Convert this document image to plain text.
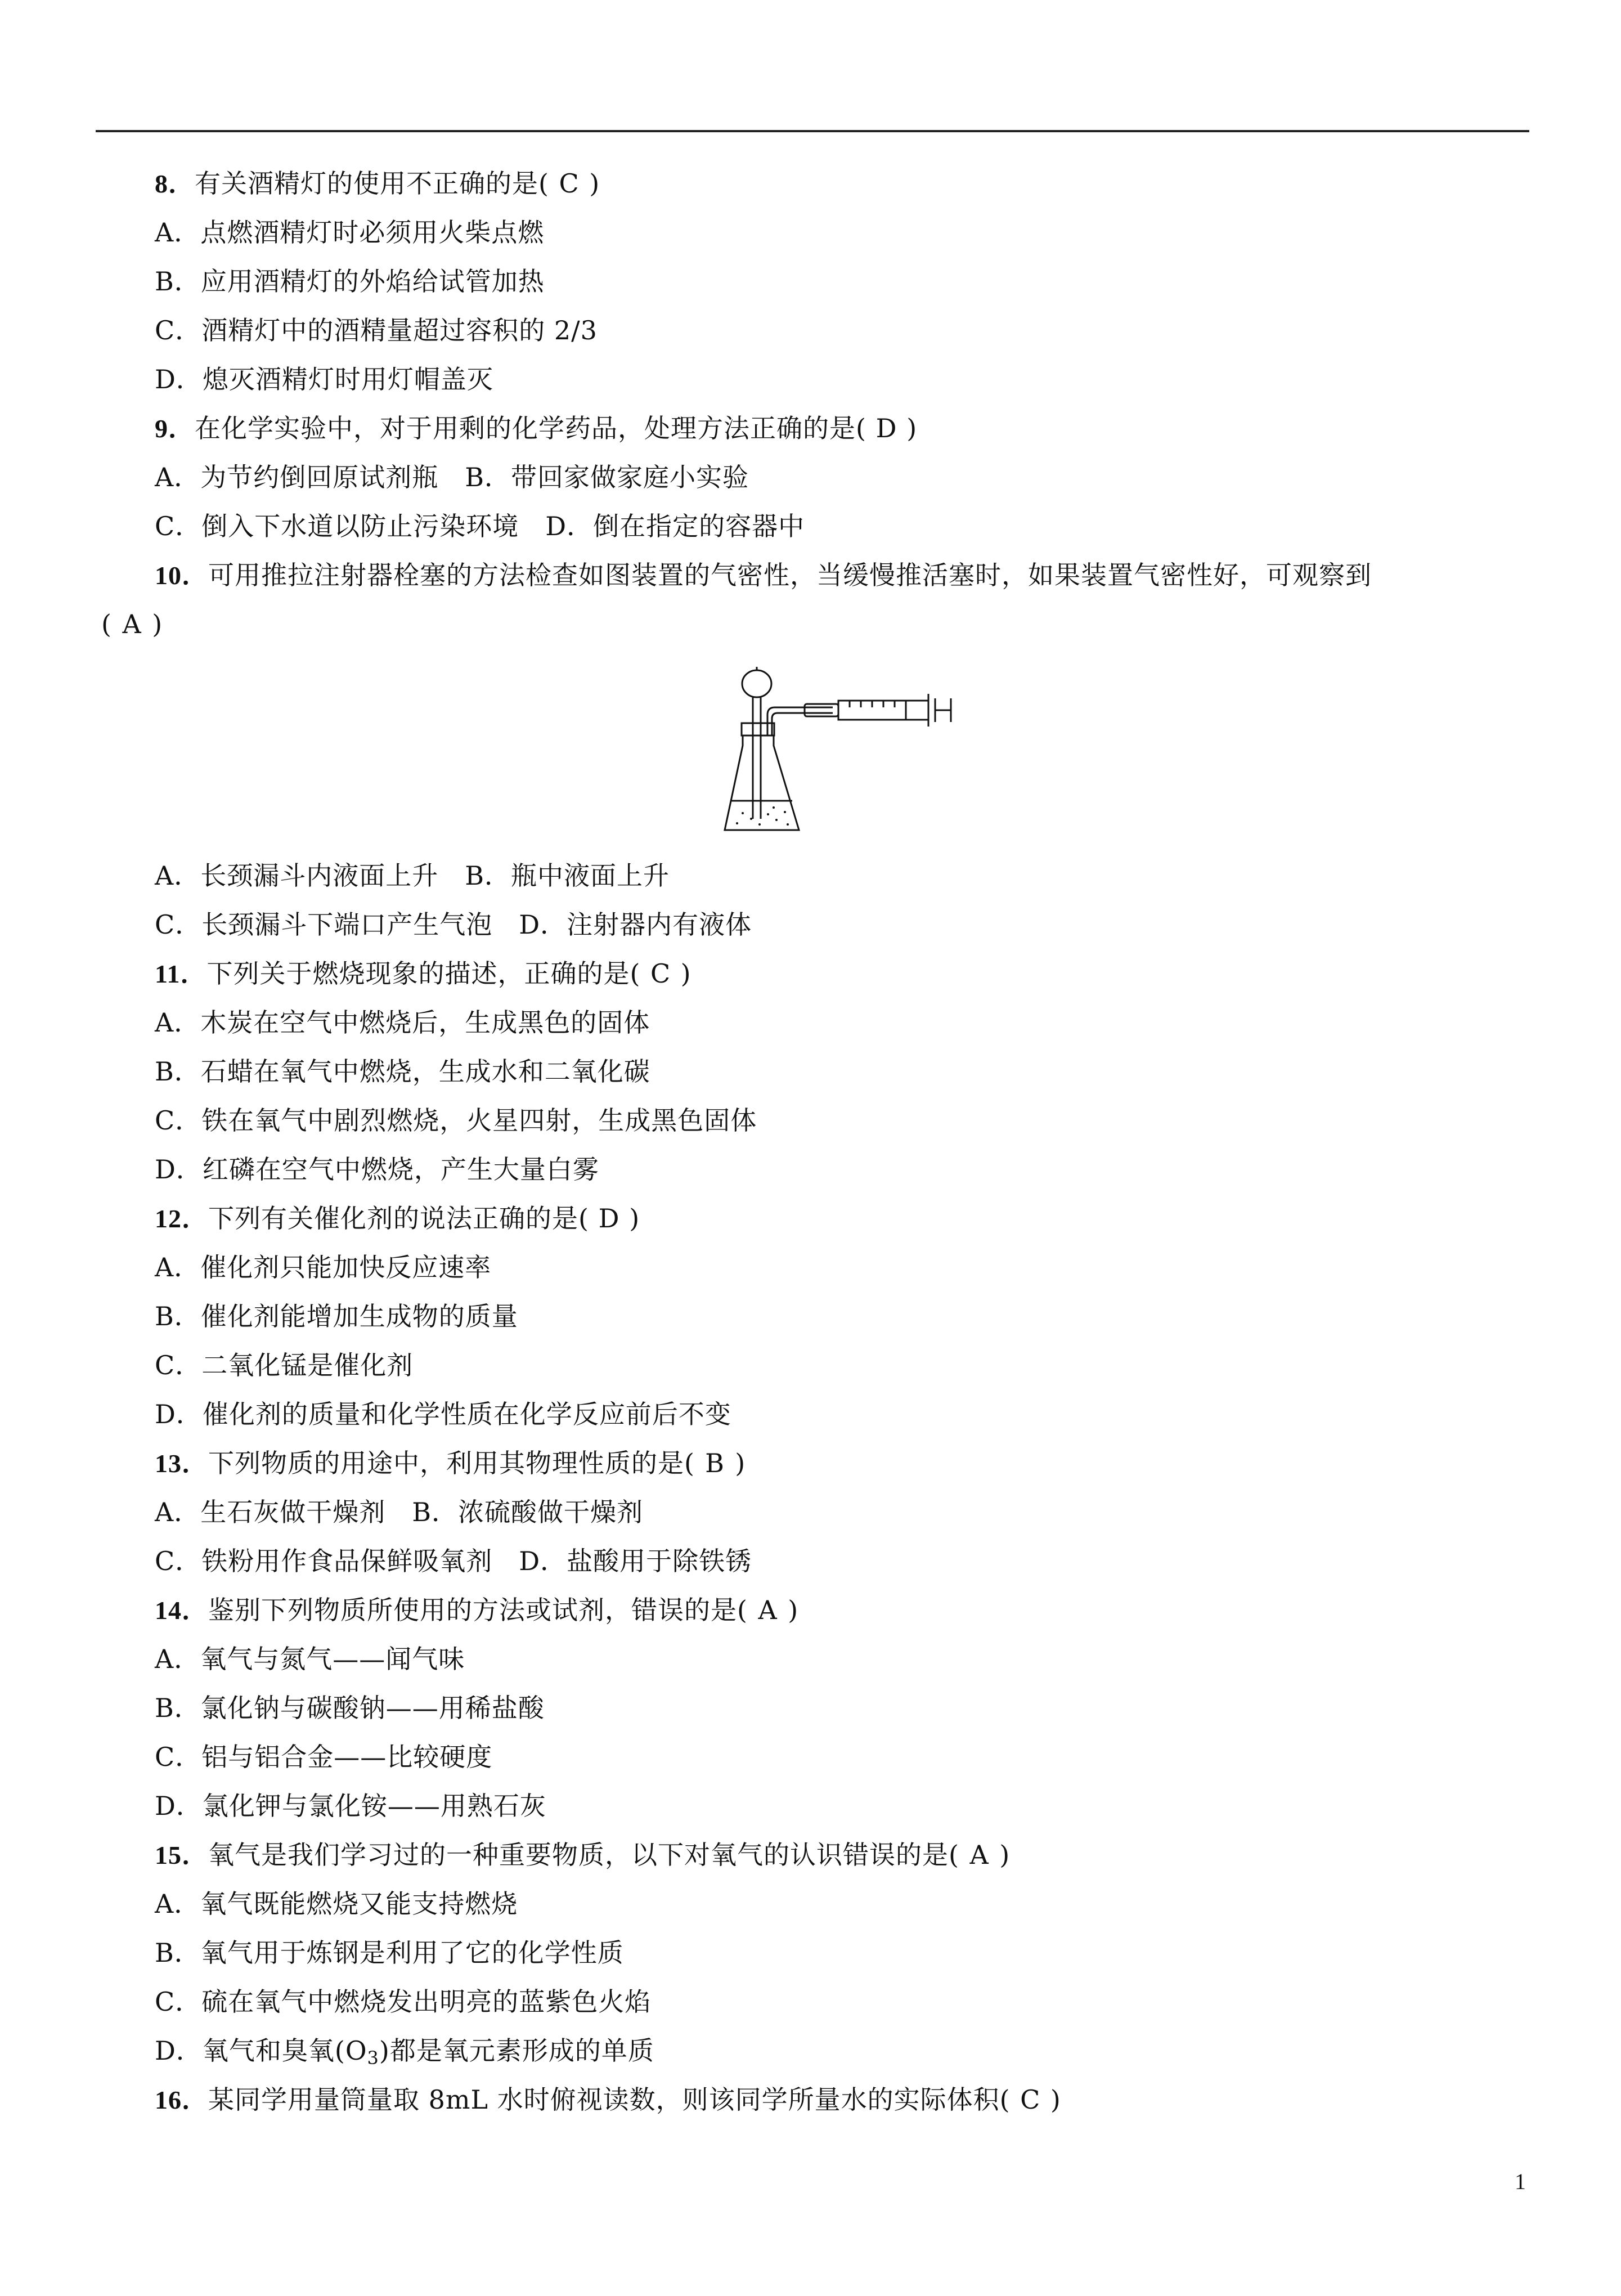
8．有关酒精灯的使用不正确的是( C )
A．点燃酒精灯时必须用火柴点燃
B．应用酒精灯的外焰给试管加热
C．酒精灯中的酒精量超过容积的 2/3
D．熄灭酒精灯时用灯帽盖灭
9．在化学实验中，对于用剩的化学药品，处理方法正确的是( D )
A．为节约倒回原试剂瓶　B．带回家做家庭小实验
C．倒入下水道以防止污染环境　D．倒在指定的容器中
10．可用推拉注射器栓塞的方法检查如图装置的气密性，当缓慢推活塞时，如果装置气密性好，可观察到
( A )
A．长颈漏斗内液面上升　B．瓶中液面上升
C．长颈漏斗下端口产生气泡　D．注射器内有液体
11．下列关于燃烧现象的描述，正确的是( C )
A．木炭在空气中燃烧后，生成黑色的固体
B．石蜡在氧气中燃烧，生成水和二氧化碳
C．铁在氧气中剧烈燃烧，火星四射，生成黑色固体
D．红磷在空气中燃烧，产生大量白雾
12．下列有关催化剂的说法正确的是( D )
A．催化剂只能加快反应速率
B．催化剂能增加生成物的质量
C．二氧化锰是催化剂
D．催化剂的质量和化学性质在化学反应前后不变
13．下列物质的用途中，利用其物理性质的是( B )
A．生石灰做干燥剂　B．浓硫酸做干燥剂
C．铁粉用作食品保鲜吸氧剂　D．盐酸用于除铁锈
14．鉴别下列物质所使用的方法或试剂，错误的是( A )
A．氧气与氮气——闻气味
B．氯化钠与碳酸钠——用稀盐酸
C．铝与铝合金——比较硬度
D．氯化钾与氯化铵——用熟石灰
15．氧气是我们学习过的一种重要物质，以下对氧气的认识错误的是( A )
A．氧气既能燃烧又能支持燃烧
B．氧气用于炼钢是利用了它的化学性质
C．硫在氧气中燃烧发出明亮的蓝紫色火焰
D．氧气和臭氧$(O_3)$都是氧元素形成的单质
16．某同学用量筒量取 8mL 水时俯视读数，则该同学所量水的实际体积( C )
1
